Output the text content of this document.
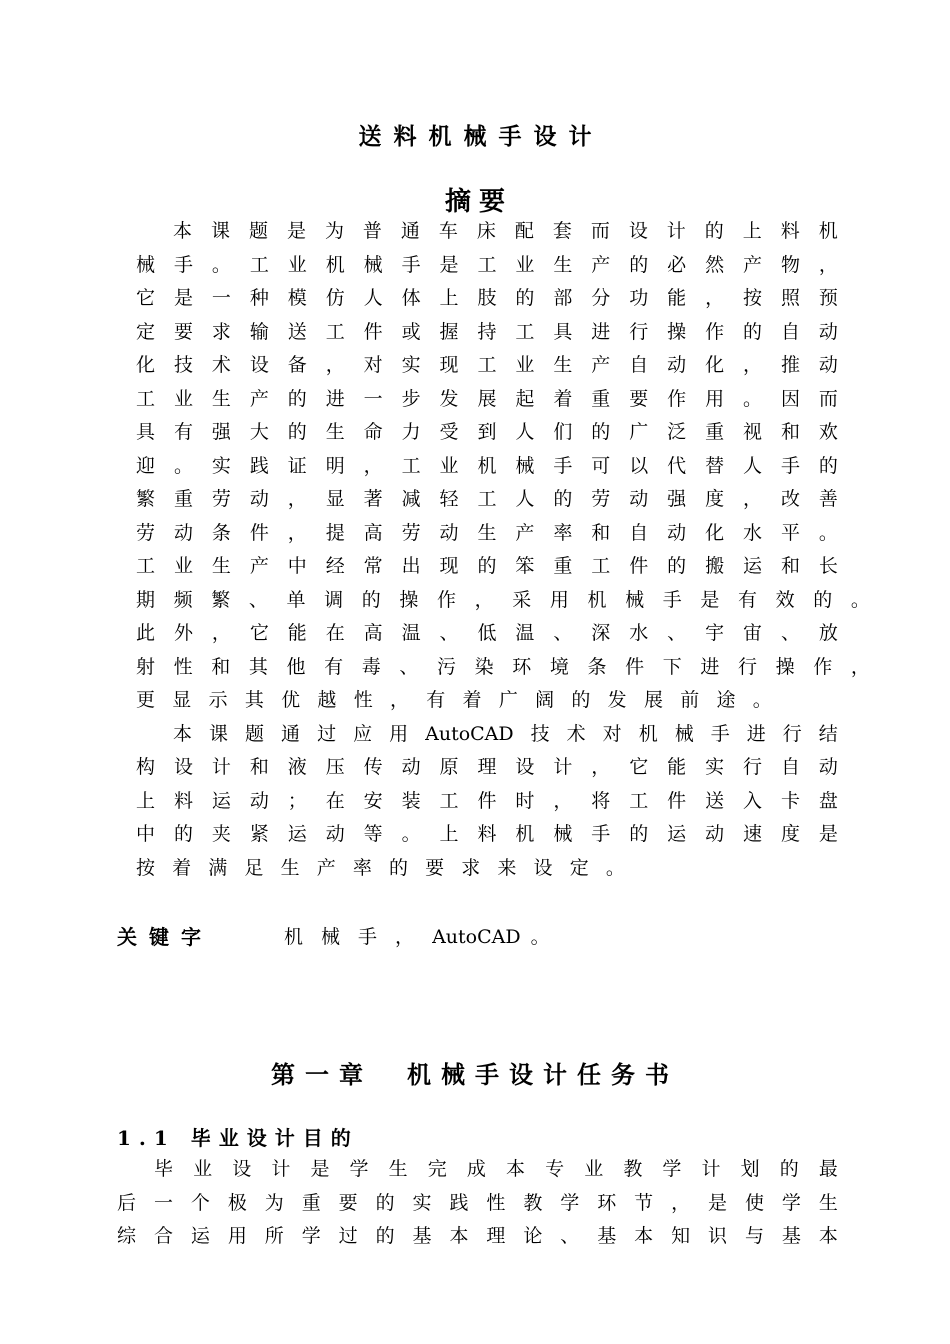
送料机械手设计
摘要
本 课 题 是 为 普 通 车 床 配 套 而 设 计 的 上 料 机
械 手 。 工 业 机 械 手 是 工 业 生 产 的 必 然 产 物 ，
它 是 一 种 模 仿 人 体 上 肢 的 部 分 功 能 ， 按 照 预
定 要 求 输 送 工 件 或 握 持 工 具 进 行 操 作 的 自 动
化 技 术 设 备 ， 对 实 现 工 业 生 产 自 动 化 ， 推 动
工 业 生 产 的 进 一 步 发 展 起 着 重 要 作 用 。 因 而
具 有 强 大 的 生 命 力 受 到 人 们 的 广 泛 重 视 和 欢
迎 。 实 践 证 明 ， 工 业 机 械 手 可 以 代 替 人 手 的
繁 重 劳 动 ， 显 著 减 轻 工 人 的 劳 动 强 度 ， 改 善
劳 动 条 件 ， 提 高 劳 动 生 产 率 和 自 动 化 水 平 。
工 业 生 产 中 经 常 出 现 的 笨 重 工 件 的 搬 运 和 长
期 频 繁 、 单 调 的 操 作 ， 采 用 机 械 手 是 有 效 的 。
此 外 ， 它 能 在 高 温 、 低 温 、 深 水 、 宇 宙 、 放
射 性 和 其 他 有 毒 、 污 染 环 境 条 件 下 进 行 操 作 ，
更 显 示 其 优 越 性 ， 有 着 广 阔 的 发 展 前 途 。
本 课 题 通 过 应 用 AutoCAD 技 术 对 机 械 手 进 行 结
构 设 计 和 液 压 传 动 原 理 设 计 ， 它 能 实 行 自 动
上 料 运 动 ； 在 安 装 工 件 时 ， 将 工 件 送 入 卡 盘
中 的 夹 紧 运 动 等 。 上 料 机 械 手 的 运 动 速 度 是
按 着 满 足 生 产 率 的 要 求 来 设 定 。
关键字	机 械 手 ， AutoCAD 。
第一章　机械手设计任务书
1.1 毕业设计目的
毕 业 设 计 是 学 生 完 成 本 专 业 教 学 计 划 的 最
后 一 个 极 为 重 要 的 实 践 性 教 学 环 节 ， 是 使 学 生
综 合 运 用 所 学 过 的 基 本 理 论 、 基 本 知 识 与 基 本
